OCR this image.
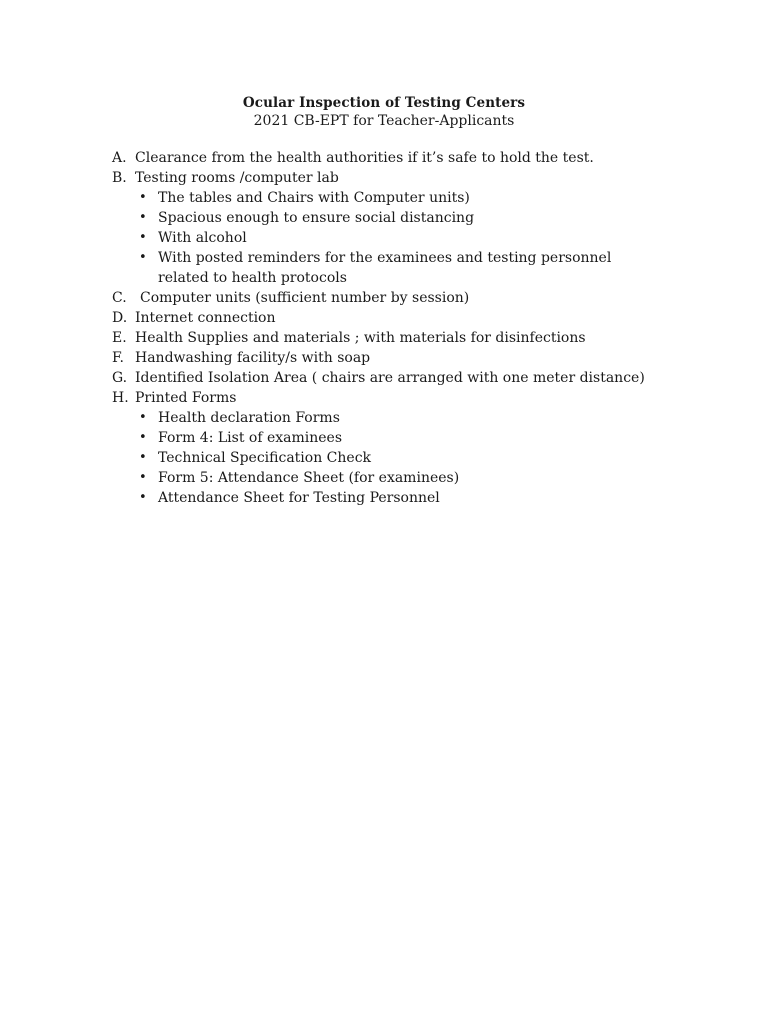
Ocular Inspection of Testing Centers
2021 CB-EPT for Teacher-Applicants
A. Clearance from the health authorities if it’s safe to hold the test.
B. Testing rooms /computer lab
• The tables and Chairs with Computer units)
• Spacious enough to ensure social distancing
• With alcohol
• With posted reminders for the examinees and testing personnel
related to health protocols
C. Computer units (sufficient number by session)
D. Internet connection
E. Health Supplies and materials ; with materials for disinfections
F. Handwashing facility/s with soap
G. Identified Isolation Area ( chairs are arranged with one meter distance)
H. Printed Forms
• Health declaration Forms
• Form 4: List of examinees
• Technical Specification Check
• Form 5: Attendance Sheet (for examinees)
• Attendance Sheet for Testing Personnel
